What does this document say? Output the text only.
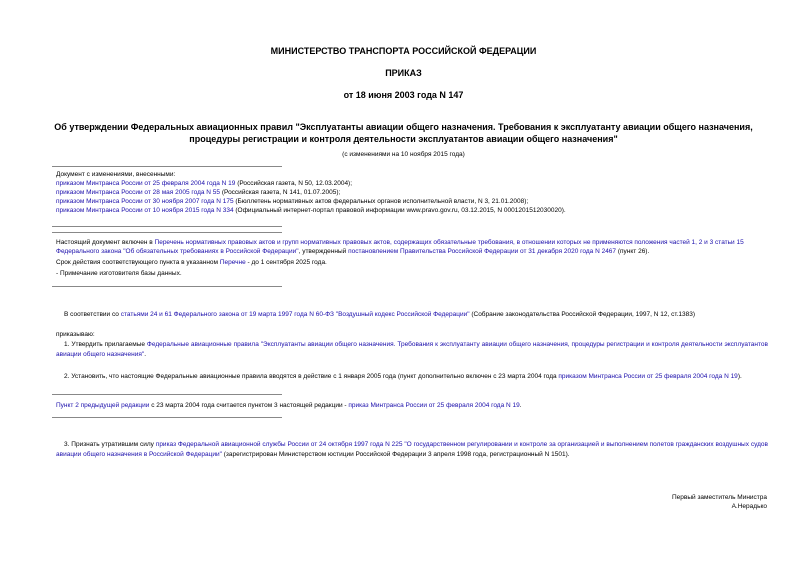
МИНИСТЕРСТВО ТРАНСПОРТА РОССИЙСКОЙ ФЕДЕРАЦИИ
ПРИКАЗ
от 18 июня 2003 года N 147
Об утверждении Федеральных авиационных правил "Эксплуатанты авиации общего назначения. Требования к эксплуатанту авиации общего назначения,
процедуры регистрации и контроля деятельности эксплуатантов авиации общего назначения"
(с изменениями на 10 ноября 2015 года)
Документ с изменениями, внесенными:
приказом Минтранса России от 25 февраля 2004 года N 19 (Российская газета, N 50, 12.03.2004);
приказом Минтранса России от 28 мая 2005 года N 55 (Российская газета, N 141, 01.07.2005);
приказом Минтранса России от 30 ноября 2007 года N 175 (Бюллетень нормативных актов федеральных органов исполнительной власти, N 3, 21.01.2008);
приказом Минтранса России от 10 ноября 2015 года N 334 (Официальный интернет-портал правовой информации www.pravo.gov.ru, 03.12.2015, N 0001201512030020).
Настоящий документ включен в Перечень нормативных правовых актов и групп нормативных правовых актов, содержащих обязательные требования, в отношении которых не применяются положения частей 1, 2 и 3 статьи 15 Федерального закона "Об обязательных требованиях в Российской Федерации", утвержденный постановлением Правительства Российской Федерации от 31 декабря 2020 года N 2467 (пункт 26).
Срок действия соответствующего пункта в указанном Перечне - до 1 сентября 2025 года.
- Примечание изготовителя базы данных.
В соответствии со статьями 24 и 61 Федерального закона от 19 марта 1997 года N 60-ФЗ "Воздушный кодекс Российской Федерации" (Собрание законодательства Российской Федерации, 1997, N 12, ст.1383)
приказываю:
1. Утвердить прилагаемые Федеральные авиационные правила "Эксплуатанты авиации общего назначения. Требования к эксплуатанту авиации общего назначения, процедуры регистрации и контроля деятельности эксплуатантов авиации общего назначения".
2. Установить, что настоящие Федеральные авиационные правила вводятся в действие с 1 января 2005 года (пункт дополнительно включен с 23 марта 2004 года приказом Минтранса России от 25 февраля 2004 года N 19).
Пункт 2 предыдущей редакции с 23 марта 2004 года считается пунктом 3 настоящей редакции - приказ Минтранса России от 25 февраля 2004 года N 19.
3. Признать утратившим силу приказ Федеральной авиационной службы России от 24 октября 1997 года N 225 "О государственном регулировании и контроле за организацией и выполнением полетов гражданских воздушных судов авиации общего назначения в Российской Федерации" (зарегистрирован Министерством юстиции Российской Федерации 3 апреля 1998 года, регистрационный N 1501).
Первый заместитель Министра
А.Нерадько
